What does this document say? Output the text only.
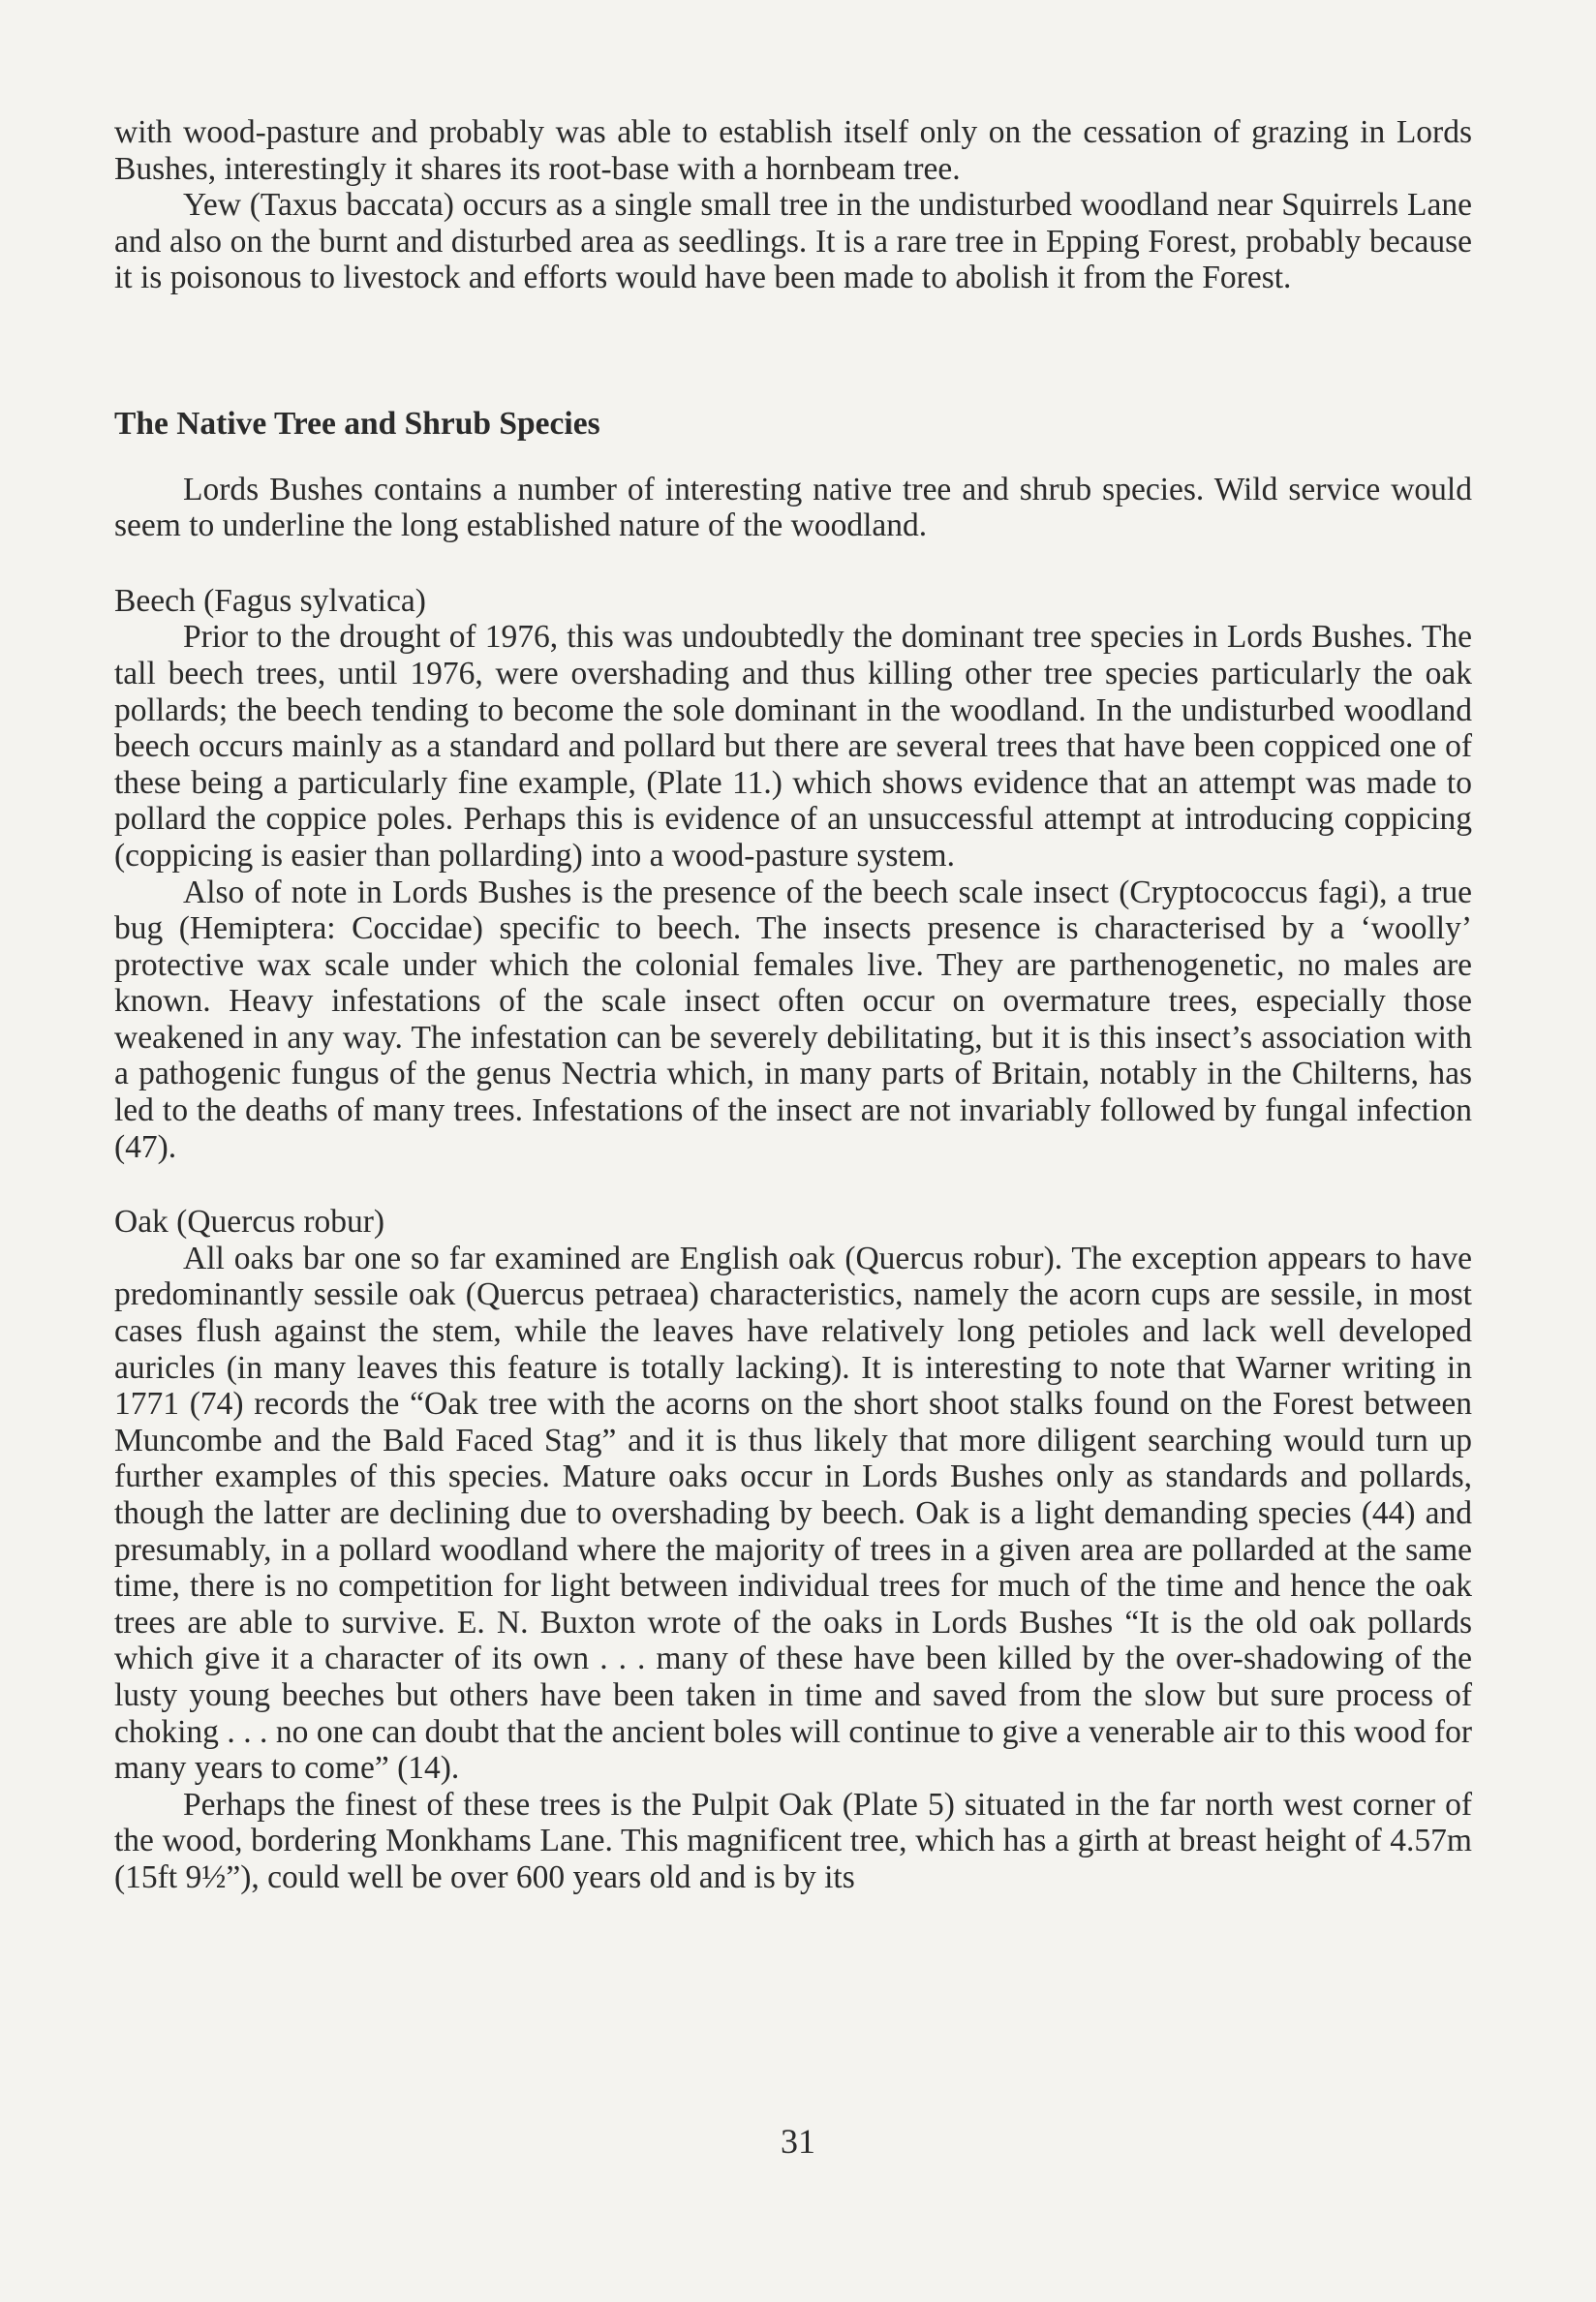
with wood-pasture and probably was able to establish itself only on the cessation of grazing in Lords Bushes, interestingly it shares its root-base with a hornbeam tree.

Yew (Taxus baccata) occurs as a single small tree in the undisturbed woodland near Squirrels Lane and also on the burnt and disturbed area as seedlings. It is a rare tree in Epping Forest, probably because it is poisonous to livestock and efforts would have been made to abolish it from the Forest.

The Native Tree and Shrub Species

Lords Bushes contains a number of interesting native tree and shrub species. Wild service would seem to underline the long established nature of the woodland.

Beech (Fagus sylvatica)

Prior to the drought of 1976, this was undoubtedly the dominant tree species in Lords Bushes. The tall beech trees, until 1976, were overshading and thus killing other tree species particularly the oak pollards; the beech tending to become the sole dominant in the woodland. In the undisturbed woodland beech occurs mainly as a standard and pollard but there are several trees that have been coppiced one of these being a particularly fine example, (Plate 11.) which shows evidence that an attempt was made to pollard the coppice poles. Perhaps this is evidence of an unsuccessful attempt at introducing coppicing (coppicing is easier than pollarding) into a wood-pasture system.

Also of note in Lords Bushes is the presence of the beech scale insect (Cryptococcus fagi), a true bug (Hemiptera: Coccidae) specific to beech. The insects presence is characterised by a ‘woolly’ protective wax scale under which the colonial females live. They are parthenogenetic, no males are known. Heavy infestations of the scale insect often occur on overmature trees, especially those weakened in any way. The infestation can be severely debilitating, but it is this insect’s association with a pathogenic fungus of the genus Nectria which, in many parts of Britain, notably in the Chilterns, has led to the deaths of many trees. Infestations of the insect are not invariably followed by fungal infection (47).

Oak (Quercus robur)

All oaks bar one so far examined are English oak (Quercus robur). The exception appears to have predominantly sessile oak (Quercus petraea) characteristics, namely the acorn cups are sessile, in most cases flush against the stem, while the leaves have relatively long petioles and lack well developed auricles (in many leaves this feature is totally lacking). It is interesting to note that Warner writing in 1771 (74) records the “Oak tree with the acorns on the short shoot stalks found on the Forest between Muncombe and the Bald Faced Stag” and it is thus likely that more diligent searching would turn up further examples of this species. Mature oaks occur in Lords Bushes only as standards and pollards, though the latter are declining due to overshading by beech. Oak is a light demanding species (44) and presumably, in a pollard woodland where the majority of trees in a given area are pollarded at the same time, there is no competition for light between individual trees for much of the time and hence the oak trees are able to survive. E. N. Buxton wrote of the oaks in Lords Bushes “It is the old oak pollards which give it a character of its own . . . many of these have been killed by the over-shadowing of the lusty young beeches but others have been taken in time and saved from the slow but sure process of choking . . . no one can doubt that the ancient boles will continue to give a venerable air to this wood for many years to come” (14).

Perhaps the finest of these trees is the Pulpit Oak (Plate 5) situated in the far north west corner of the wood, bordering Monkhams Lane. This magnificent tree, which has a girth at breast height of 4.57m (15ft 9½”), could well be over 600 years old and is by its

31
